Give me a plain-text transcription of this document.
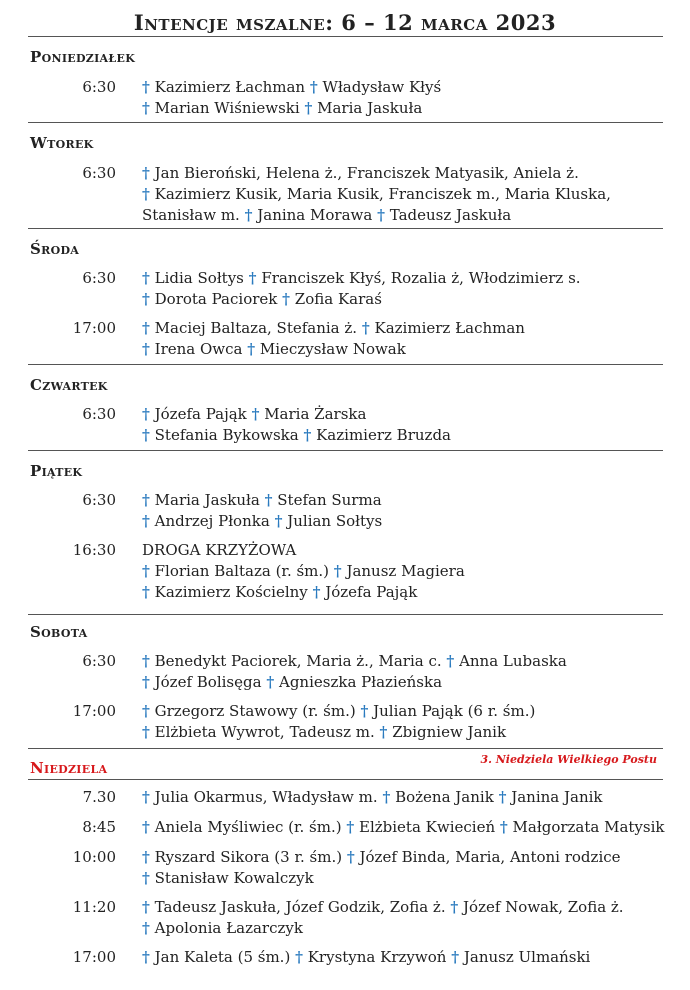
Intencje mszalne: 6 – 12 marca 2023
Poniedziałek
6:30 † Kazimierz Łachman † Władysław Kłyś
† Marian Wiśniewski † Maria Jaskuła
Wtorek
6:30 † Jan Bieroński, Helena ż., Franciszek Matyasik, Aniela ż.
† Kazimierz Kusik, Maria Kusik, Franciszek m., Maria Kluska,
Stanisław m. † Janina Morawa † Tadeusz Jaskuła
Środa
6:30 † Lidia Sołtys † Franciszek Kłyś, Rozalia ż, Włodzimierz s.
† Dorota Paciorek † Zofia Karaś
17:00 † Maciej Baltaza, Stefania ż. † Kazimierz Łachman
† Irena Owca † Mieczysław Nowak
Czwartek
6:30 † Józefa Pająk † Maria Żarska
† Stefania Bykowska † Kazimierz Bruzda
Piątek
6:30 † Maria Jaskuła † Stefan Surma
† Andrzej Płonka † Julian Sołtys
16:30 DROGA KRZYŻOWA
† Florian Baltaza (r. śm.) † Janusz Magiera
† Kazimierz Kościelny † Józefa Pająk
Sobota
6:30 † Benedykt Paciorek, Maria ż., Maria c. † Anna Lubaska
† Józef Bolisęga † Agnieszka Płazieńska
17:00 † Grzegorz Stawowy (r. śm.) † Julian Pająk (6 r. śm.)
† Elżbieta Wywrot, Tadeusz m. † Zbigniew Janik
Niedziela	3. Niedziela Wielkiego Postu
7.30 † Julia Okarmus, Władysław m. † Bożena Janik † Janina Janik
8:45 † Aniela Myśliwiec (r. śm.) † Elżbieta Kwiecień † Małgorzata Matysik
10:00 † Ryszard Sikora (3 r. śm.) † Józef Binda, Maria, Antoni rodzice
† Stanisław Kowalczyk
11:20 † Tadeusz Jaskuła, Józef Godzik, Zofia ż. † Józef Nowak, Zofia ż.
† Apolonia Łazarczyk
17:00 † Jan Kaleta (5 śm.) † Krystyna Krzywoń † Janusz Ulmański
